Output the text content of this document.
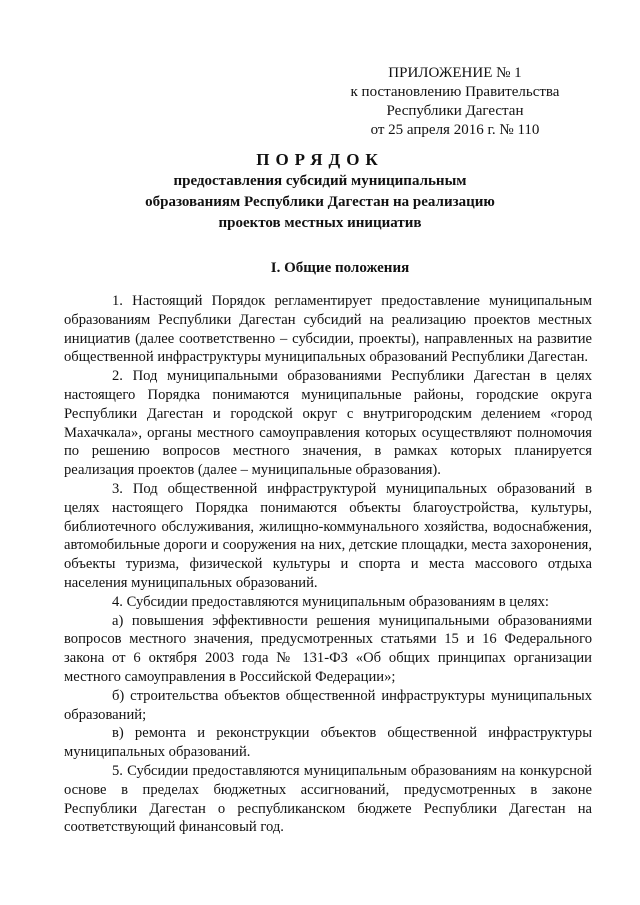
ПРИЛОЖЕНИЕ № 1
к постановлению Правительства
Республики Дагестан
от 25 апреля 2016 г. № 110
ПОРЯДОК
предоставления субсидий муниципальным
образованиям Республики Дагестан на реализацию
проектов местных инициатив
I. Общие положения

1. Настоящий Порядок регламентирует предоставление муниципальным образованиям Республики Дагестан субсидий на реализацию проектов местных инициатив (далее соответственно – субсидии, проекты), направленных на развитие общественной инфраструктуры муниципальных образований Республики Дагестан.

2. Под муниципальными образованиями Республики Дагестан в целях настоящего Порядка понимаются муниципальные районы, городские округа Республики Дагестан и городской округ с внутригородским делением «город Махачкала», органы местного самоуправления которых осуществляют полномочия по решению вопросов местного значения, в рамках которых планируется реализация проектов (далее – муниципальные образования).

3. Под общественной инфраструктурой муниципальных образований в целях настоящего Порядка понимаются объекты благоустройства, культуры, библиотечного обслуживания, жилищно-коммунального хозяйства, водоснабжения, автомобильные дороги и сооружения на них, детские площадки, места захоронения, объекты туризма, физической культуры и спорта и места массового отдыха населения муниципальных образований.

4. Субсидии предоставляются муниципальным образованиям в целях:

а) повышения эффективности решения муниципальными образованиями вопросов местного значения, предусмотренных статьями 15 и 16 Федерального закона от 6 октября 2003 года № 131-ФЗ «Об общих принципах организации местного самоуправления в Российской Федерации»;

б) строительства объектов общественной инфраструктуры муниципальных образований;

в) ремонта и реконструкции объектов общественной инфраструктуры муниципальных образований.

5. Субсидии предоставляются муниципальным образованиям на конкурсной основе в пределах бюджетных ассигнований, предусмотренных в законе Республики Дагестан о республиканском бюджете Республики Дагестан на соответствующий финансовый год.
